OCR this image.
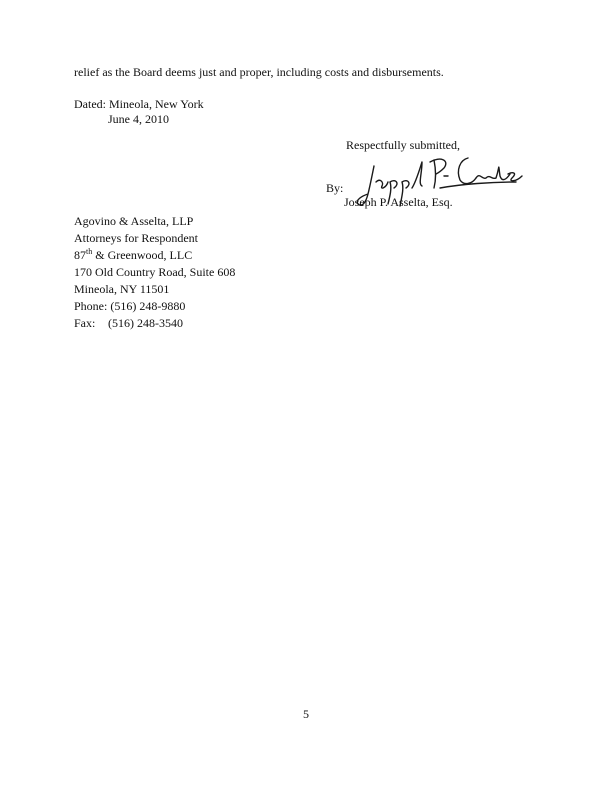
relief as the Board deems just and proper, including costs and disbursements.
Dated: Mineola, New York
June 4, 2010
Respectfully submitted,
By:
Joseph P. Asselta, Esq.
Agovino & Asselta, LLP
Attorneys for Respondent
87th & Greenwood, LLC
170 Old Country Road, Suite 608
Mineola, NY 11501
Phone: (516) 248-9880
Fax: (516) 248-3540
5
